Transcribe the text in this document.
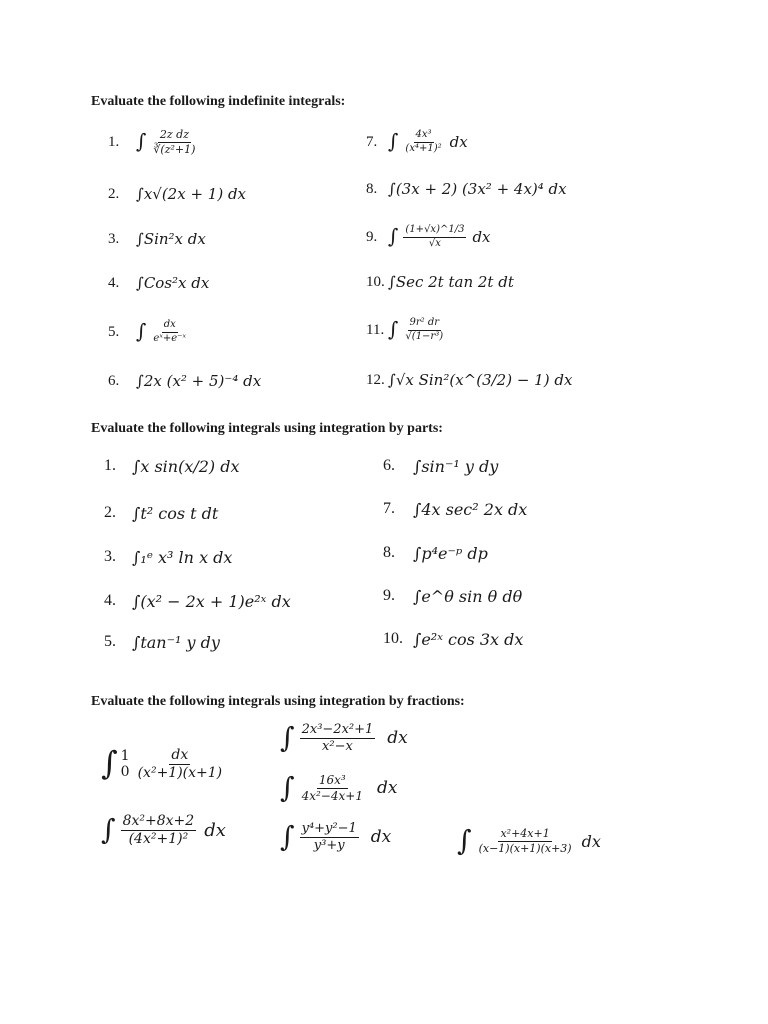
Evaluate the following indefinite integrals:
1. ∫ $\frac{\text{2z dz}}{\text{∛(z²+1)}}$
2.	∫x√(2x + 1) dx
3.	∫Sin²x dx
4.	∫Cos²x dx
5. ∫ $\frac{dx}{\text{eˣ+e⁻ˣ}}$
6.	∫2x (x² + 5)⁻⁴ dx
7. ∫ $\frac{\text{4x³}}{\text{(x⁴+1)²}}$ dx
8. ∫(3x + 2) (3x² + 4x)⁴ dx
9. ∫ $\frac{(1+√x)\^{}1/3}{√x}$ dx
10. ∫Sec 2t tan 2t dt
11. ∫ $\frac{\text{9r² dr}}{\text{√(1−r³)}}$
12. ∫√x Sin²(x^(3/2) − 1) dx
Evaluate the following integrals using integration by parts:
1.	∫x sin(x/2) dx
2.	∫t² cos t dt
3.	∫₁ᵉ x³ ln x dx
4.	∫(x² − 2x + 1)e²ˣ dx
5.	∫tan⁻¹ y dy
6.	∫sin⁻¹ y dy
7.	∫4x sec² 2x dx
8.	∫p⁴e⁻ᵖ dp
9.	∫e^θ sin θ dθ
10. ∫e²ˣ cos 3x dx
Evaluate the following integrals using integration by fractions:
∫ $\frac{\text{2x³−2x²+1}}{\text{x²−x}}$ dx
∫ 1
$0 \frac{dx}{\text{(x²+1)(x+1)}}$
∫ $\frac{\text{16x³}}{\text{4x²−4x+1}}$ dx
∫ $\frac{\text{8x²+8x+2}}{\text{(4x²+1)²}}$ dx ∫ $\frac{\text{y⁴+y²−1}}{\text{y³+y}}$ dx ∫ $\frac{\text{x²+4x+1}}{(x-1)(x+1)(x+3)}$ dx
